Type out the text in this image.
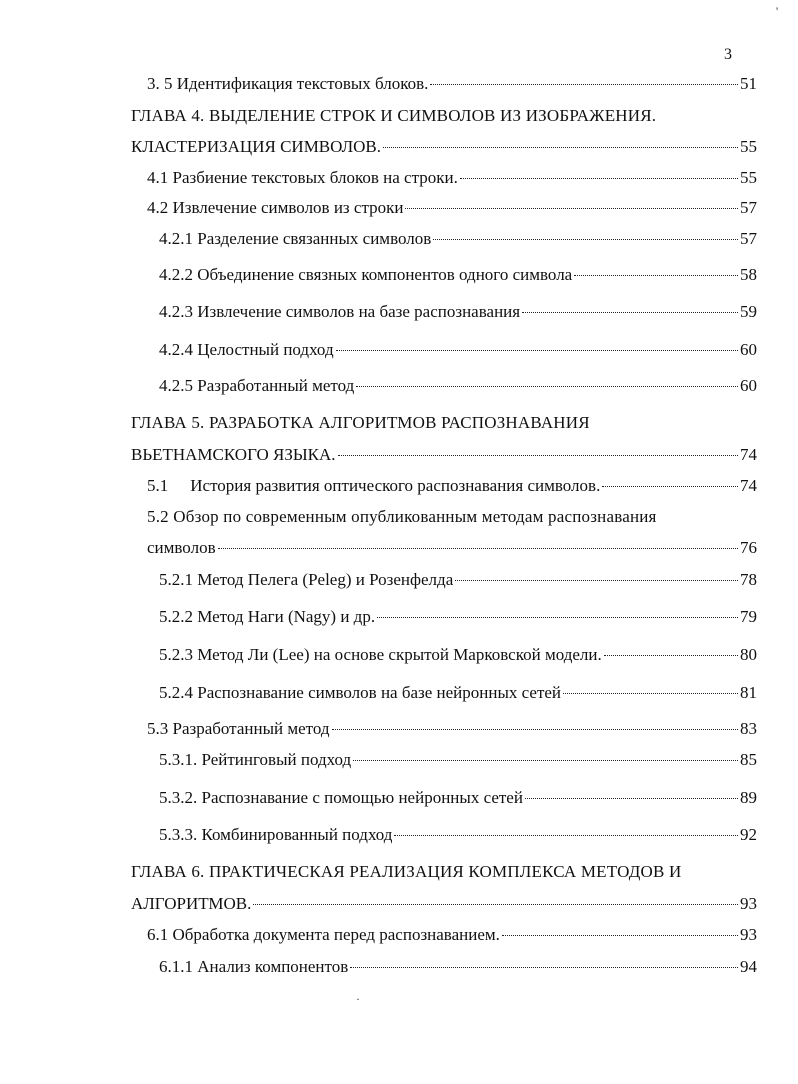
3
3. 5 Идентификация текстовых блоков.	51
ГЛАВА 4. ВЫДЕЛЕНИЕ СТРОК И СИМВОЛОВ ИЗ ИЗОБРАЖЕНИЯ.
КЛАСТЕРИЗАЦИЯ СИМВОЛОВ.	55
4.1 Разбиение текстовых блоков на строки.	55
4.2 Извлечение символов из строки	57
4.2.1 Разделение связанных символов	57
4.2.2 Объединение связных компонентов одного символа	58
4.2.3 Извлечение символов на базе распознавания	59
4.2.4 Целостный подход	60
4.2.5 Разработанный метод	60
ГЛАВА 5. РАЗРАБОТКА АЛГОРИТМОВ РАСПОЗНАВАНИЯ
ВЬЕТНАМСКОГО ЯЗЫКА.	74
5.1 История развития оптического распознавания символов.	74
5.2 Обзор по современным опубликованным методам распознавания
символов	76
5.2.1 Метод Пелега (Peleg) и Розенфелда	78
5.2.2 Метод Наги (Nagy) и др.	79
5.2.3 Метод Ли (Lee) на основе скрытой Марковской модели.	80
5.2.4 Распознавание символов на базе нейронных сетей	81
5.3 Разработанный метод	83
5.3.1. Рейтинговый подход	85
5.3.2. Распознавание с помощью нейронных сетей	89
5.3.3. Комбинированный подход	92
ГЛАВА 6. ПРАКТИЧЕСКАЯ РЕАЛИЗАЦИЯ КОМПЛЕКСА МЕТОДОВ И
АЛГОРИТМОВ.	93
6.1 Обработка документа перед распознаванием.	93
6.1.1 Анализ компонентов	94
·
'
